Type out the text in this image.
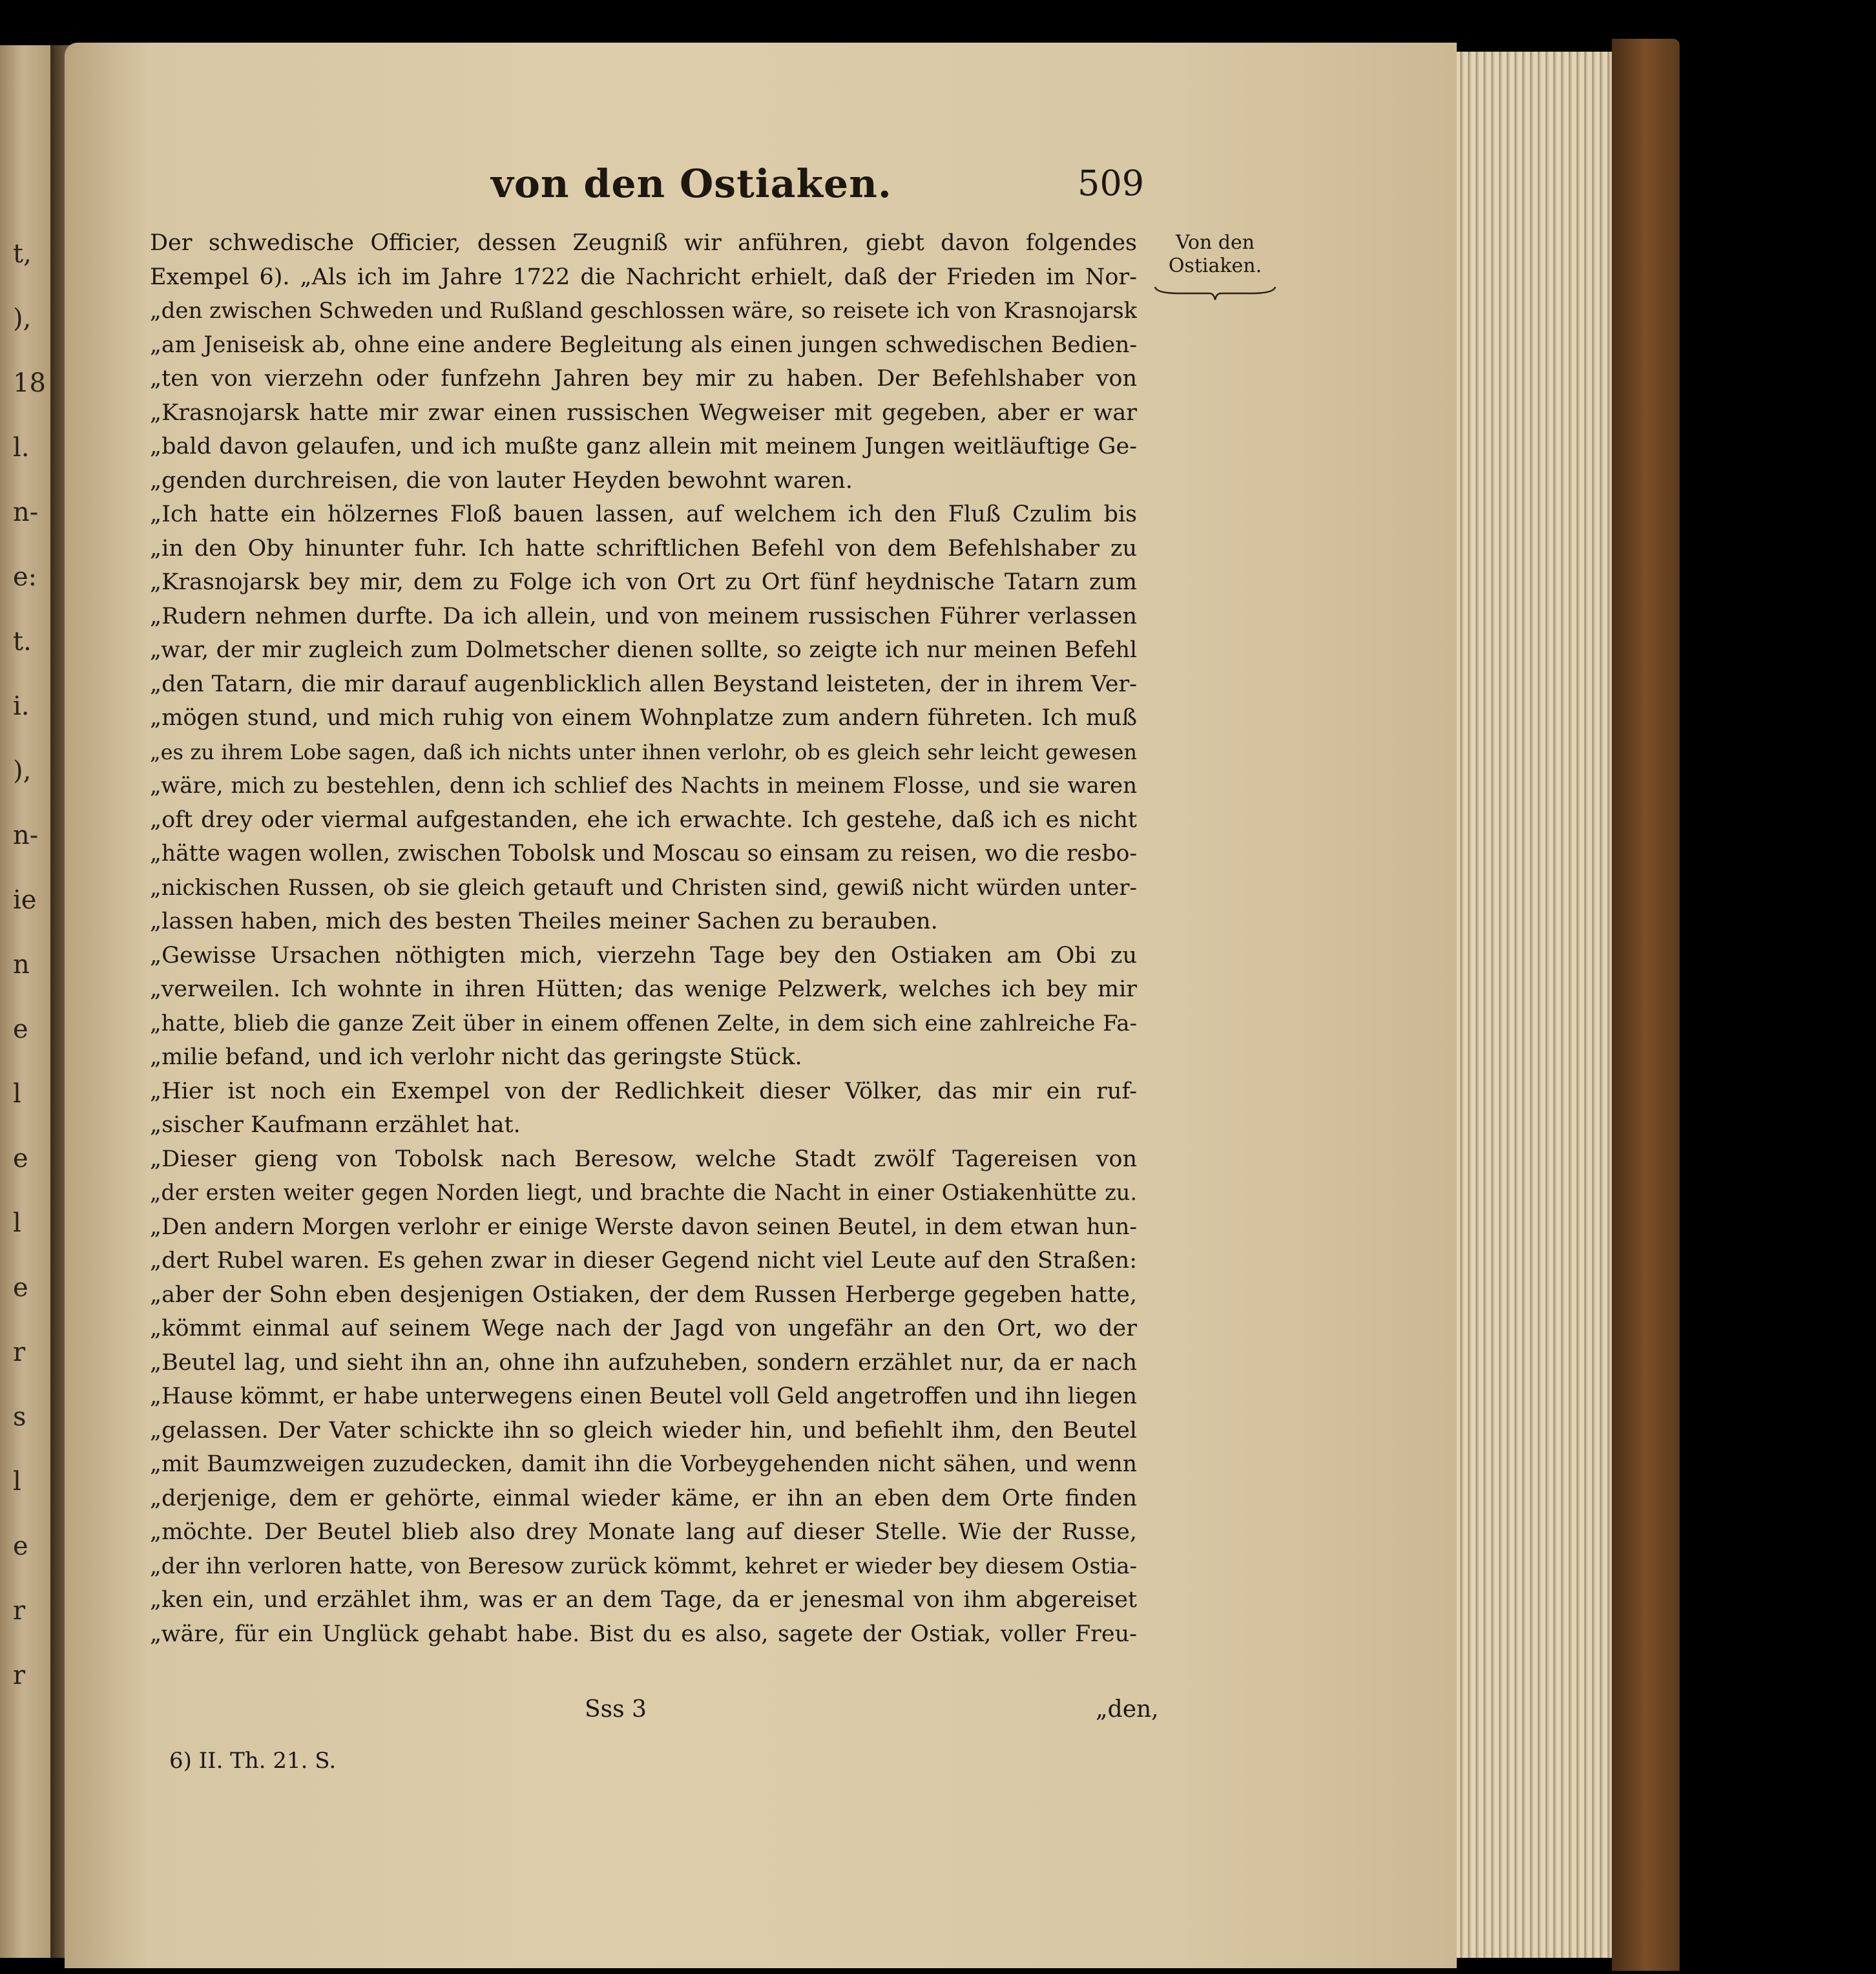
t,
),
18
l.
n-
e:
t.
i.
),
n-
ie
n
e
l
e
l
e
r
s
l
e
r
r
von den Ostiaken.	509
Von den
Ostiaken.
Der schwedische Officier, dessen Zeugniß wir anführen, giebt davon folgendes
Exempel 6). „Als ich im Jahre 1722 die Nachricht erhielt, daß der Frieden im Nor-
„den zwischen Schweden und Rußland geschlossen wäre, so reisete ich von Krasnojarsk
„am Jeniseisk ab, ohne eine andere Begleitung als einen jungen schwedischen Bedien-
„ten von vierzehn oder funfzehn Jahren bey mir zu haben. Der Befehlshaber von
„Krasnojarsk hatte mir zwar einen russischen Wegweiser mit gegeben, aber er war
„bald davon gelaufen, und ich mußte ganz allein mit meinem Jungen weitläuftige Ge-
„genden durchreisen, die von lauter Heyden bewohnt waren.
„Ich hatte ein hölzernes Floß bauen lassen, auf welchem ich den Fluß Czulim bis
„in den Oby hinunter fuhr. Ich hatte schriftlichen Befehl von dem Befehlshaber zu
„Krasnojarsk bey mir, dem zu Folge ich von Ort zu Ort fünf heydnische Tatarn zum
„Rudern nehmen durfte. Da ich allein, und von meinem russischen Führer verlassen
„war, der mir zugleich zum Dolmetscher dienen sollte, so zeigte ich nur meinen Befehl
„den Tatarn, die mir darauf augenblicklich allen Beystand leisteten, der in ihrem Ver-
„mögen stund, und mich ruhig von einem Wohnplatze zum andern führeten. Ich muß
„es zu ihrem Lobe sagen, daß ich nichts unter ihnen verlohr, ob es gleich sehr leicht gewesen
„wäre, mich zu bestehlen, denn ich schlief des Nachts in meinem Flosse, und sie waren
„oft drey oder viermal aufgestanden, ehe ich erwachte. Ich gestehe, daß ich es nicht
„hätte wagen wollen, zwischen Tobolsk und Moscau so einsam zu reisen, wo die resbo-
„nickischen Russen, ob sie gleich getauft und Christen sind, gewiß nicht würden unter-
„lassen haben, mich des besten Theiles meiner Sachen zu berauben.
„Gewisse Ursachen nöthigten mich, vierzehn Tage bey den Ostiaken am Obi zu
„verweilen. Ich wohnte in ihren Hütten; das wenige Pelzwerk, welches ich bey mir
„hatte, blieb die ganze Zeit über in einem offenen Zelte, in dem sich eine zahlreiche Fa-
„milie befand, und ich verlohr nicht das geringste Stück.
„Hier ist noch ein Exempel von der Redlichkeit dieser Völker, das mir ein ruf-
„sischer Kaufmann erzählet hat.
„Dieser gieng von Tobolsk nach Beresow, welche Stadt zwölf Tagereisen von
„der ersten weiter gegen Norden liegt, und brachte die Nacht in einer Ostiakenhütte zu.
„Den andern Morgen verlohr er einige Werste davon seinen Beutel, in dem etwan hun-
„dert Rubel waren. Es gehen zwar in dieser Gegend nicht viel Leute auf den Straßen:
„aber der Sohn eben desjenigen Ostiaken, der dem Russen Herberge gegeben hatte,
„kömmt einmal auf seinem Wege nach der Jagd von ungefähr an den Ort, wo der
„Beutel lag, und sieht ihn an, ohne ihn aufzuheben, sondern erzählet nur, da er nach
„Hause kömmt, er habe unterwegens einen Beutel voll Geld angetroffen und ihn liegen
„gelassen. Der Vater schickte ihn so gleich wieder hin, und befiehlt ihm, den Beutel
„mit Baumzweigen zuzudecken, damit ihn die Vorbeygehenden nicht sähen, und wenn
„derjenige, dem er gehörte, einmal wieder käme, er ihn an eben dem Orte finden
„möchte. Der Beutel blieb also drey Monate lang auf dieser Stelle. Wie der Russe,
„der ihn verloren hatte, von Beresow zurück kömmt, kehret er wieder bey diesem Ostia-
„ken ein, und erzählet ihm, was er an dem Tage, da er jenesmal von ihm abgereiset
„wäre, für ein Unglück gehabt habe. Bist du es also, sagete der Ostiak, voller Freu-
Sss 3	„den,
6) II. Th. 21. S.
